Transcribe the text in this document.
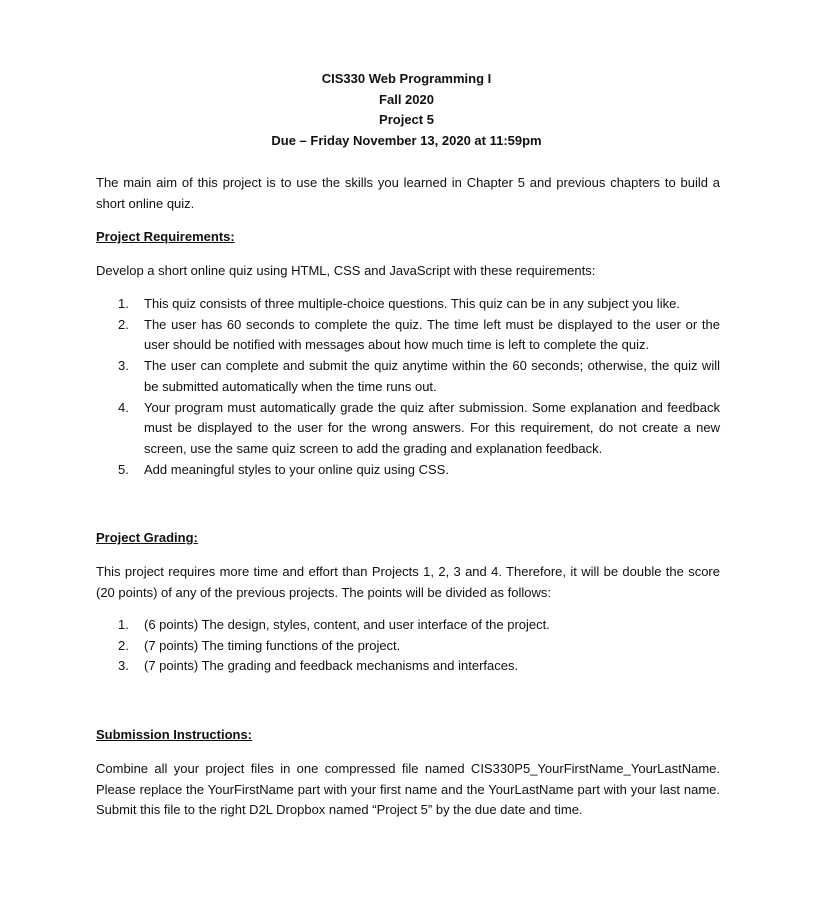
CIS330 Web Programming I
Fall 2020
Project 5
Due – Friday November 13, 2020 at 11:59pm
The main aim of this project is to use the skills you learned in Chapter 5 and previous chapters to build a short online quiz.
Project Requirements:
Develop a short online quiz using HTML, CSS and JavaScript with these requirements:
1. This quiz consists of three multiple-choice questions. This quiz can be in any subject you like.
2. The user has 60 seconds to complete the quiz. The time left must be displayed to the user or the user should be notified with messages about how much time is left to complete the quiz.
3. The user can complete and submit the quiz anytime within the 60 seconds; otherwise, the quiz will be submitted automatically when the time runs out.
4. Your program must automatically grade the quiz after submission. Some explanation and feedback must be displayed to the user for the wrong answers. For this requirement, do not create a new screen, use the same quiz screen to add the grading and explanation feedback.
5. Add meaningful styles to your online quiz using CSS.
Project Grading:
This project requires more time and effort than Projects 1, 2, 3 and 4. Therefore, it will be double the score (20 points) of any of the previous projects. The points will be divided as follows:
1. (6 points) The design, styles, content, and user interface of the project.
2. (7 points) The timing functions of the project.
3. (7 points) The grading and feedback mechanisms and interfaces.
Submission Instructions:
Combine all your project files in one compressed file named CIS330P5_YourFirstName_YourLastName. Please replace the YourFirstName part with your first name and the YourLastName part with your last name. Submit this file to the right D2L Dropbox named “Project 5” by the due date and time.
